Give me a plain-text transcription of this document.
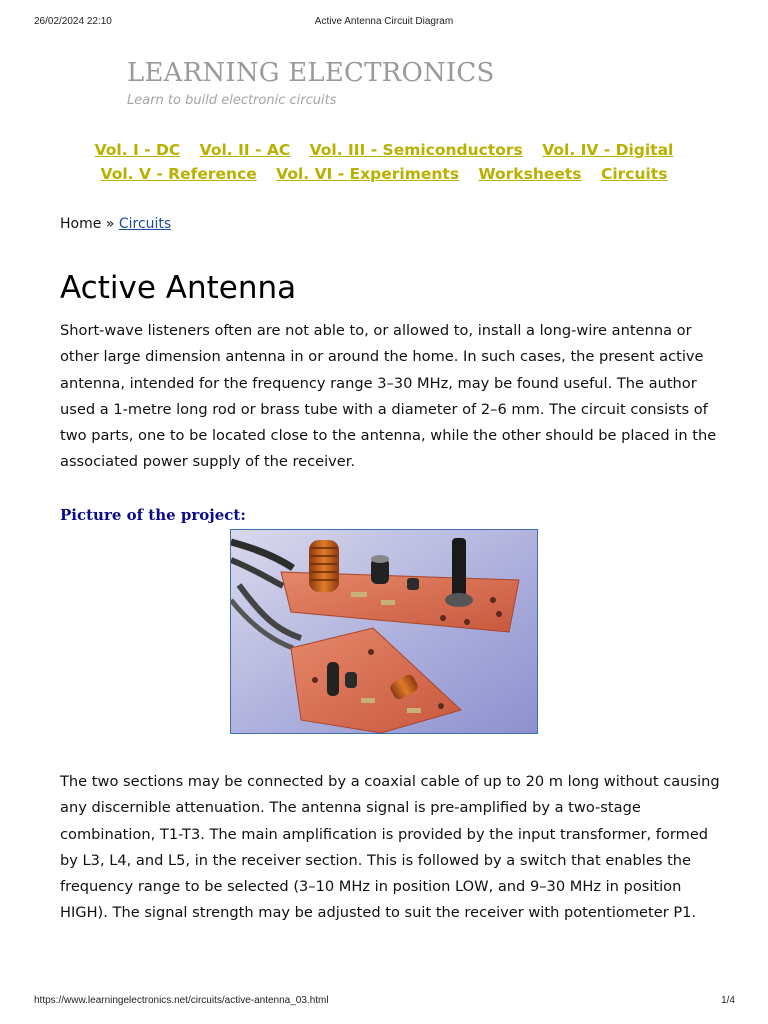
26/02/2024 22:10	Active Antenna Circuit Diagram
LEARNING ELECTRONICS
Learn to build electronic circuits
Vol. I - DC Vol. II - AC Vol. III - Semiconductors Vol. IV - Digital
Vol. V - Reference Vol. VI - Experiments Worksheets Circuits
Home » Circuits
Active Antenna

Short-wave listeners often are not able to, or allowed to, install a long-wire antenna or other large dimension antenna in or around the home. In such cases, the present active antenna, intended for the frequency range 3–30 MHz, may be found useful. The author used a 1-metre long rod or brass tube with a diameter of 2–6 mm. The circuit consists of two parts, one to be located close to the antenna, while the other should be placed in the associated power supply of the receiver.

Picture of the project:

The two sections may be connected by a coaxial cable of up to 20 m long without causing any discernible attenuation. The antenna signal is pre-amplified by a two-stage combination, T1-T3. The main amplification is provided by the input transformer, formed by L3, L4, and L5, in the receiver section. This is followed by a switch that enables the frequency range to be selected (3–10 MHz in position LOW, and 9–30 MHz in position HIGH). The signal strength may be adjusted to suit the receiver with potentiometer P1.

https://www.learningelectronics.net/circuits/active-antenna_03.html	1/4
